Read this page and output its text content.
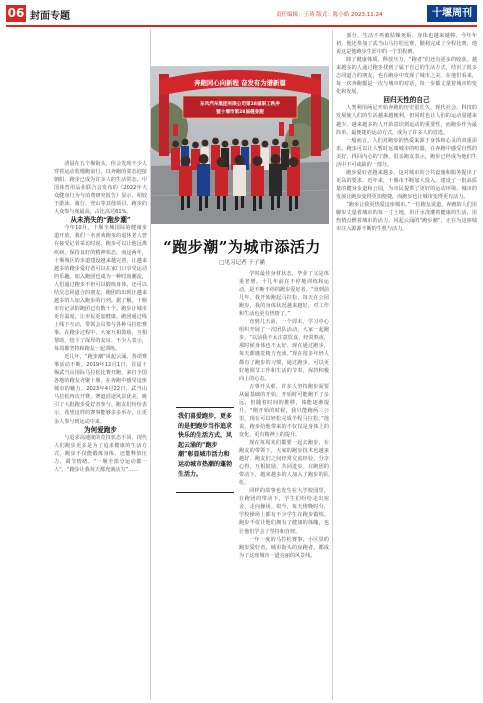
06 封面专题	责任编辑：王琦 版式：陈小皓 2023.11.24	十堰周刊
奔跑同心向新程 奋发有为谱新篇
东风汽车集团有限公司第28届职工秩序
暨十堰市第28届健身跑
“跑步潮”为城市添活力
□见习记者 于子涵

清晨在五个堰街头，你会发现不少人穿着运动装慢跑前行。以奔跑的姿态迎接朝阳、跑步已成为许多人的生活常态。中国体育用品业联合会发布的《2022年大众健身行为与消费研究报告》显示，相较于游泳、骑行、登山等其他项目，跑步的大众参与度最高，占比高达61%。

从未消失的“跑步潮”

今年10月，十堰全城国际的健康步道开放，我们一名喜欢跑步的退休老人曾在接受记者采访时说，跑步可以让他远离疾病，保持良好的精神状态。而这两年，十堰城区的步道建设越来越完善，让越来越多的跑步爱好者可以在家门口享受运动的乐趣。加入跑团也成为一种时尚潮流，人们通过跑步不但可以锻炼身体，还可以结交志同道合的朋友。跑团的出现让越来越多的人加入跑步的行列。据了解，十堰市有记录的跑团已有数十个。跑步让城市更有温度，让市民更加健康。跑团通过线上线下互动，带领会员参与各种马拉松赛事。在跑步过程中，大家互相鼓励、互相帮助，结下了深厚的友谊。不少人表示，每周都坚持和跑友一起训练。

近几年，“跑步潮”风起云涌，各项赛事活动不断。2019年12月1日，首届十堰武当山国际马拉松比赛开跑，来自全国各地的跑友齐聚十堰，在奔跑中感受这座城市的魅力。2023年4月22日，武当山马拉松再次开赛，赛道沿途风景优美，吸引了大批跑步爱好者参与。跑友们纷纷表示，希望这样的赛事能够多多举办，让更多人参与到运动中来。

为何爱跑步

与追求高速度的竞技状态不同，现代人们跑步更多是为了追求健康的生活方式。跑步不仅能锻炼身体，还能释放压力、调节情绪。“一堰全部分运动都一人”，“跑步让我每天都充满活力”……

学时最佳身材状态，毕业了又是体重老增。十几年前在不停地训练和运动，是不断不停的跑步爱好者。“直到前几年，我开始跑起马拉松，每天在公园跑步，我的身体状况越来越好，对工作和生活也更有热情了。”

直到几天前，一个周末，学习中心组织开展了一次团队活动，大家一起跑步。“以前我不太注意饮食，经常熬夜，那时候身体也不太好。现在通过跑步，每天都感觉精力充沛。”现在很多年轻人都有了跑步的习惯，通过跑步，可以更好地调节工作和生活的节奏，保持积极向上的心态。

万事开头难，许多人坚持跑步需要从最基础的开始，开始时可能跑不了多远，但随着时间的推移，体能逐渐提升。“刚开始的时候，我只能跑两三公里，现在可以轻松完成半程马拉松。”他说，跑步给他带来的不仅仅是身体上的变化，更有精神上的提升。

现在每周末们都要一起去跑步，在跑友的带领下，大家的跑步技术也越来越好。跑友们之间经常交流经验，分享心得，互相鼓励，共同进步。在跑团的带动下，越来越多的人加入了跑步的队伍。

同样的故事也发生在大学校园里。在跑团的带动下，学生们纷纷走出宿舍，走向操场。如今，每天傍晚时分，学校操场上都有不少学生在跑步锻炼。跑步不仅让他们拥有了健康的体魄，也让他们学会了坚持和自律。

一年一度的马拉松赛事，小区里的跑步爱好者，城市街头的夜跑者，都成为了这座城市一道亮丽的风景线。

我们喜爱跑步，更多的是把跑步当作追求快乐的生活方式，风起云涌的“跑步潮”彰显城市活力和运动城市热潮的蓬勃生活力。

部分，生活不再被枯燥死板，身体也越来越棒。今年年初，他还参加了武当山马拉松比赛，顺利完成了全程比赛，他说这是他跑步生涯中的一个里程碑。

除了健康体质，释放压力，“跑者”们还有更多的收获。越来越多的人通过跑步找到了属于自己的生活方式，结识了很多志同道合的朋友，也在跑步中发现了城市之美。在他们看来，每一次奔跑都是一次与城市的对话，每一步都丈量着城市的变化和发展。

回归天性的自己

人类利用两足开始奔跑的历史很长久。现代社会，科技的发展使人们的生活越来越便利，但同时也让人们的运动量越来越少。越来越多的人开始意识到运动的重要性，而跑步作为最简单、最便捷的运动方式，成为了许多人的首选。

一般而言，人们对跑步的热爱来源于身体和心灵的双重需求。跑步可以让人暂时远离城市的喧嚣，在奔跑中感受自然的美好，找回内心的宁静。很多跑友表示，跑步已经成为他们生活中不可或缺的一部分。

跑步爱好者越来越多，这对城市的公共设施和服务提出了更高的要求。近年来，十堰市不断加大投入，建设了一批高质量的健身步道和公园，为市民提供了更好的运动环境。城市的发展让跑步变得更加便捷，而跑步也让城市变得更有活力。

“跑步让我更热爱这座城市。”一位跑友说道。奔跑的人们用脚步丈量着城市的每一寸土地，用汗水浇灌着健康的生活，用热情点燃着城市的活力。风起云涌的“跑步潮”，正在为这座城市注入源源不断的生机与活力。
